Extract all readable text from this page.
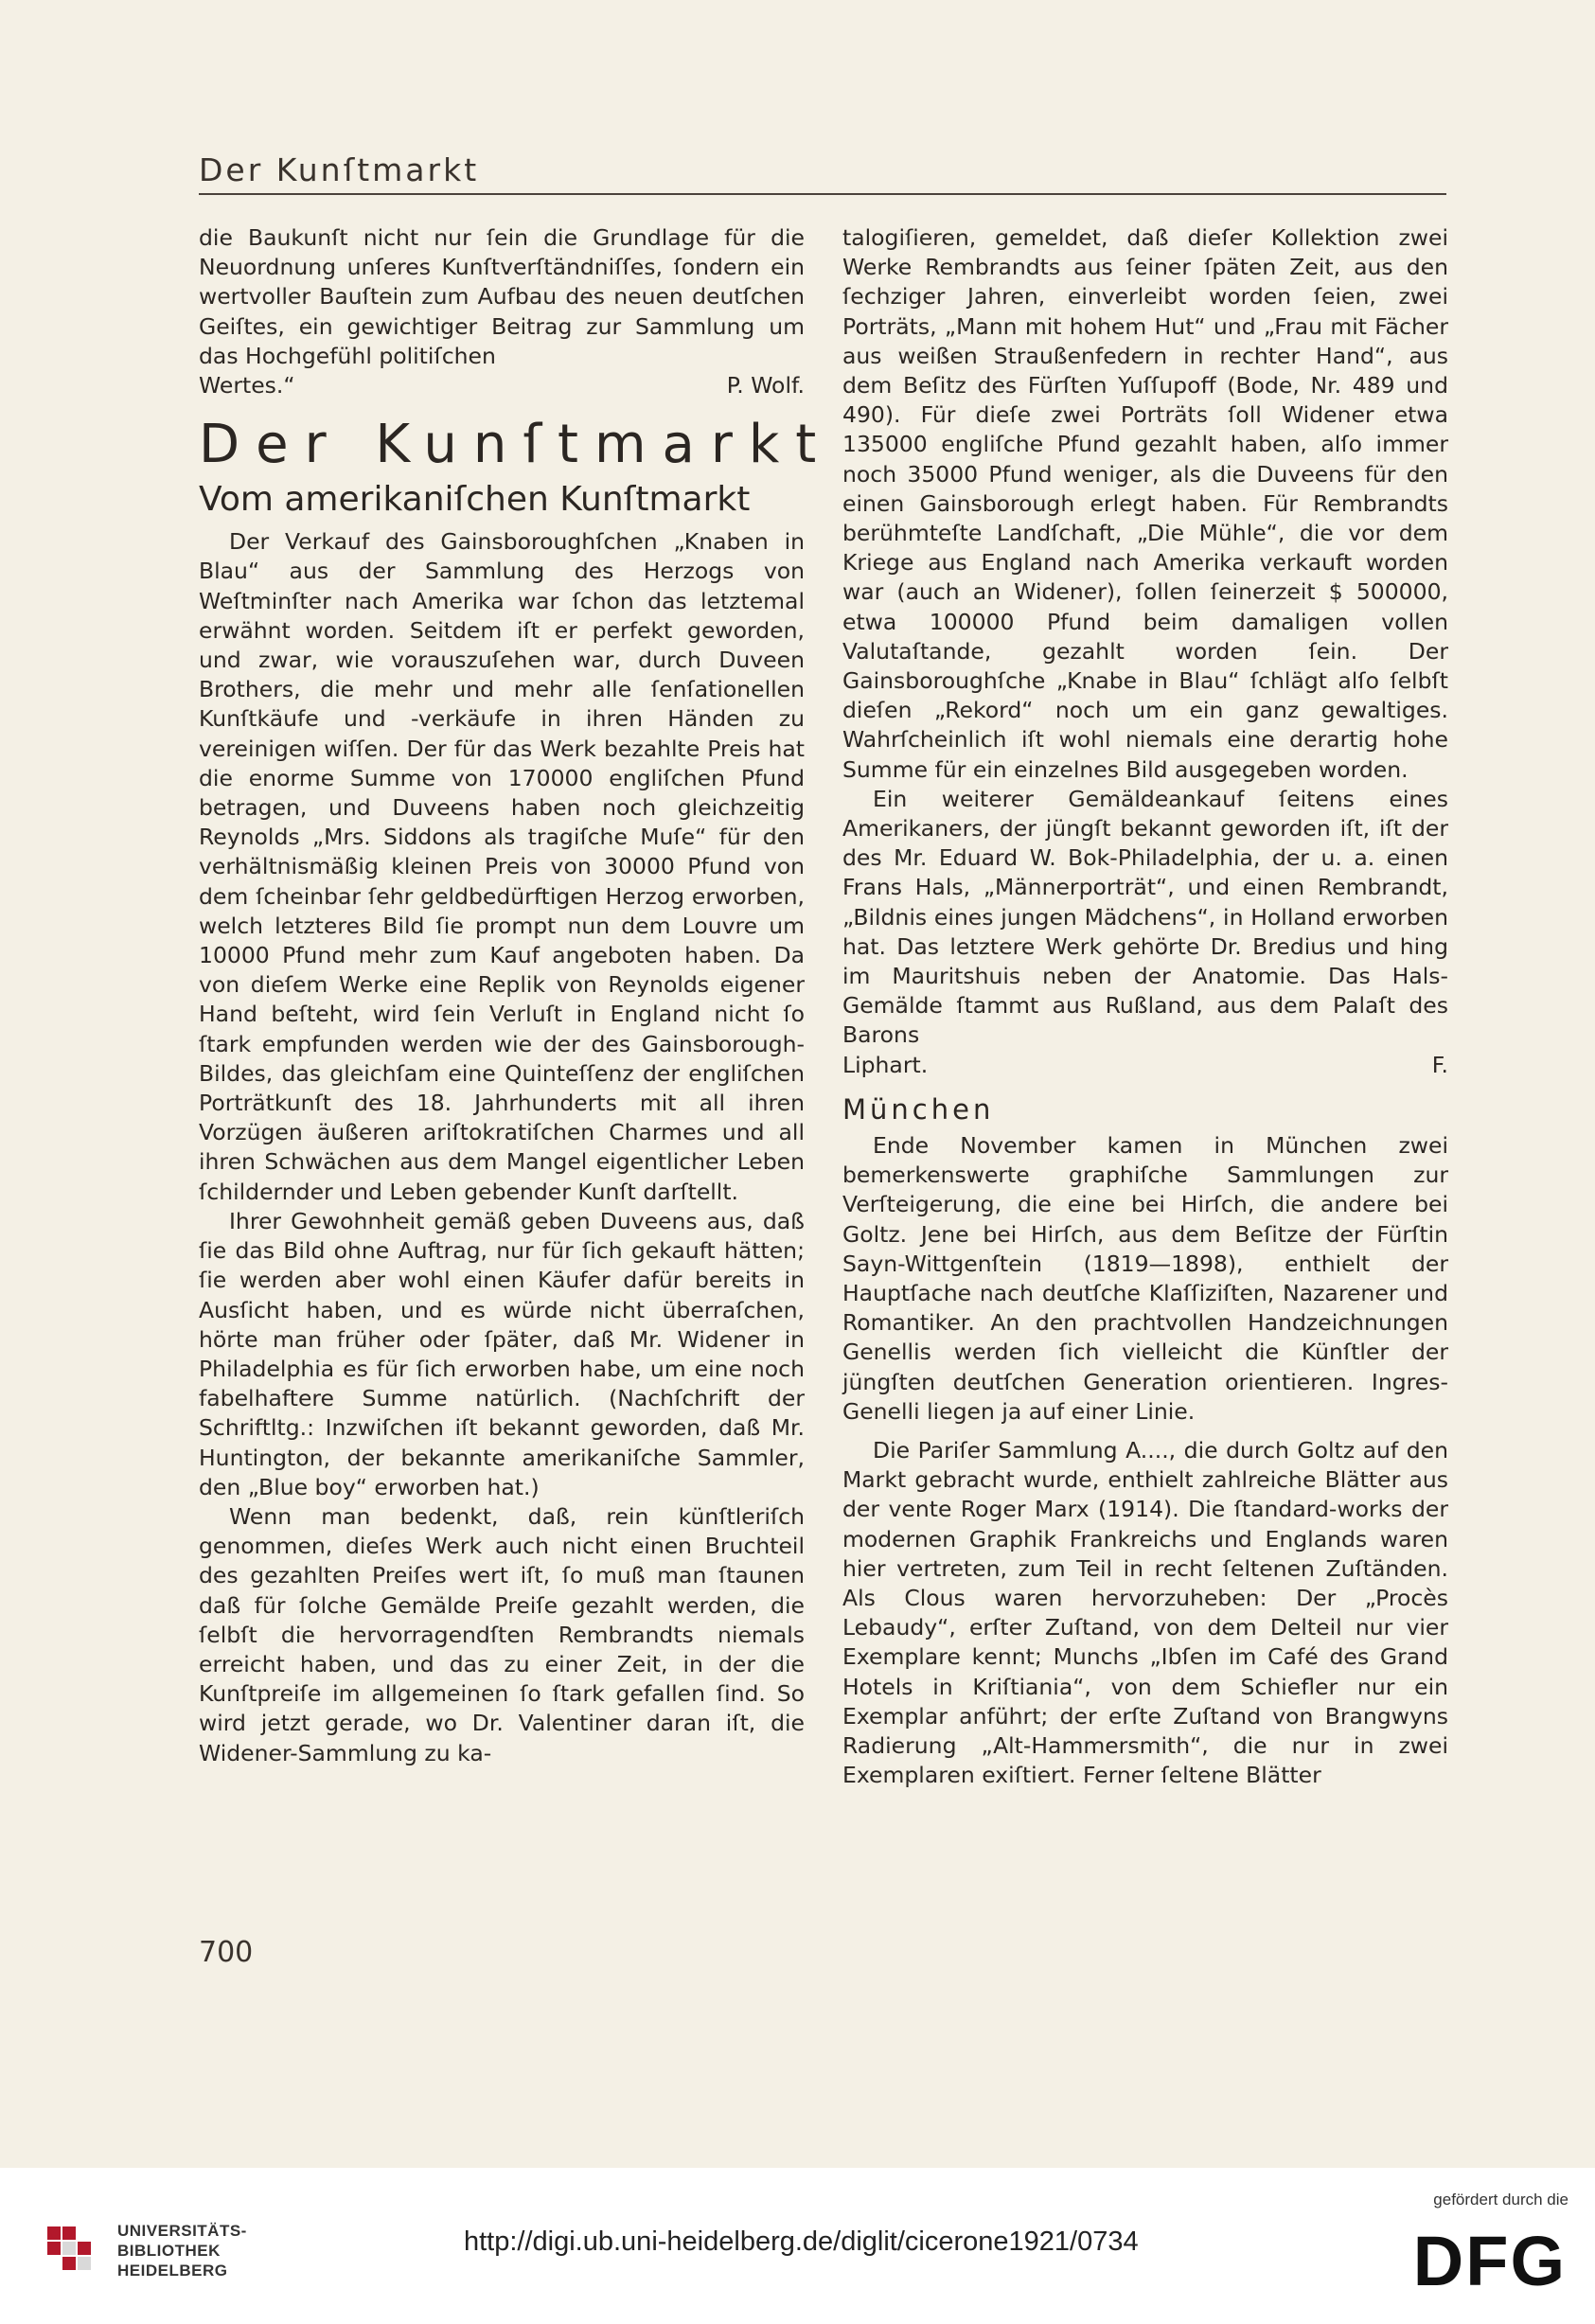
Der Kunſtmarkt

die Baukunſt nicht nur ſein die Grundlage für die Neuordnung unſeres Kunſtverſtändniſſes, ſondern ein wertvoller Bauſtein zum Aufbau des neuen deutſchen Geiſtes, ein gewichtiger Beitrag zur Sammlung um das Hochgefühl politiſchen

Wertes.“	P. Wolf.
Der Kunſtmarkt
Vom amerikaniſchen Kunſtmarkt

Der Verkauf des Gainsboroughſchen „Knaben in Blau“ aus der Sammlung des Herzogs von Weſtminſter nach Amerika war ſchon das letztemal erwähnt worden. Seitdem iſt er perfekt geworden, und zwar, wie vorauszuſehen war, durch Duveen Brothers, die mehr und mehr alle ſenſationellen Kunſtkäufe und -verkäufe in ihren Händen zu vereinigen wiſſen. Der für das Werk bezahlte Preis hat die enorme Summe von 170000 engliſchen Pfund betragen, und Duveens haben noch gleichzeitig Reynolds „Mrs. Siddons als tragiſche Muſe“ für den verhältnismäßig kleinen Preis von 30000 Pfund von dem ſcheinbar ſehr geldbedürftigen Herzog erworben, welch letzteres Bild ſie prompt nun dem Louvre um 10000 Pfund mehr zum Kauf angeboten haben. Da von dieſem Werke eine Replik von Reynolds eigener Hand beſteht, wird ſein Verluſt in England nicht ſo ſtark empfunden werden wie der des Gainsborough-Bildes, das gleichſam eine Quinteſſenz der engliſchen Porträtkunſt des 18. Jahrhunderts mit all ihren Vorzügen äußeren ariſtokratiſchen Charmes und all ihren Schwächen aus dem Mangel eigentlicher Leben ſchildernder und Leben gebender Kunſt darſtellt.

Ihrer Gewohnheit gemäß geben Duveens aus, daß ſie das Bild ohne Auftrag, nur für ſich gekauft hätten; ſie werden aber wohl einen Käufer dafür bereits in Ausſicht haben, und es würde nicht überraſchen, hörte man früher oder ſpäter, daß Mr. Widener in Philadelphia es für ſich erworben habe, um eine noch fabelhaftere Summe natürlich. (Nachſchrift der Schriftltg.: Inzwiſchen iſt bekannt geworden, daß Mr. Huntington, der bekannte amerikaniſche Sammler, den „Blue boy“ erworben hat.)

Wenn man bedenkt, daß, rein künſtleriſch genommen, dieſes Werk auch nicht einen Bruchteil des gezahlten Preiſes wert iſt, ſo muß man ſtaunen daß für ſolche Gemälde Preiſe gezahlt werden, die ſelbſt die hervorragendſten Rembrandts niemals erreicht haben, und das zu einer Zeit, in der die Kunſtpreiſe im allgemeinen ſo ſtark gefallen ſind. So wird jetzt gerade, wo Dr. Valentiner daran iſt, die Widener-Sammlung zu ka-

talogiſieren, gemeldet, daß dieſer Kollektion zwei Werke Rembrandts aus ſeiner ſpäten Zeit, aus den ſechziger Jahren, einverleibt worden ſeien, zwei Porträts, „Mann mit hohem Hut“ und „Frau mit Fächer aus weißen Straußenfedern in rechter Hand“, aus dem Beſitz des Fürſten Yuſſupoff (Bode, Nr. 489 und 490). Für dieſe zwei Porträts ſoll Widener etwa 135000 engliſche Pfund gezahlt haben, alſo immer noch 35000 Pfund weniger, als die Duveens für den einen Gainsborough erlegt haben. Für Rembrandts berühmteſte Landſchaft, „Die Mühle“, die vor dem Kriege aus England nach Amerika verkauft worden war (auch an Widener), ſollen ſeinerzeit $ 500000, etwa 100000 Pfund beim damaligen vollen Valutaſtande, gezahlt worden ſein. Der Gainsboroughſche „Knabe in Blau“ ſchlägt alſo ſelbſt dieſen „Rekord“ noch um ein ganz gewaltiges. Wahrſcheinlich iſt wohl niemals eine derartig hohe Summe für ein einzelnes Bild ausgegeben worden.

Ein weiterer Gemäldeankauf ſeitens eines Amerikaners, der jüngſt bekannt geworden iſt, iſt der des Mr. Eduard W. Bok-Philadelphia, der u. a. einen Frans Hals, „Männerporträt“, und einen Rembrandt, „Bildnis eines jungen Mädchens“, in Holland erworben hat. Das letztere Werk gehörte Dr. Bredius und hing im Mauritshuis neben der Anatomie. Das Hals-Gemälde ſtammt aus Rußland, aus dem Palaſt des Barons

Liphart.	F.
München

Ende November kamen in München zwei bemerkenswerte graphiſche Sammlungen zur Verſteigerung, die eine bei Hirſch, die andere bei Goltz. Jene bei Hirſch, aus dem Beſitze der Fürſtin Sayn-Wittgenſtein (1819—1898), enthielt der Hauptſache nach deutſche Klaſſiziſten, Nazarener und Romantiker. An den prachtvollen Handzeichnungen Genellis werden ſich vielleicht die Künſtler der jüngſten deutſchen Generation orientieren. Ingres-Genelli liegen ja auf einer Linie.

Die Pariſer Sammlung A...., die durch Goltz auf den Markt gebracht wurde, enthielt zahlreiche Blätter aus der vente Roger Marx (1914). Die ſtandard-works der modernen Graphik Frankreichs und Englands waren hier vertreten, zum Teil in recht ſeltenen Zuſtänden. Als Clous waren hervorzuheben: Der „Procès Lebaudy“, erſter Zuſtand, von dem Delteil nur vier Exemplare kennt; Munchs „Ibſen im Café des Grand Hotels in Kriſtiania“, von dem Schiefler nur ein Exemplar anführt; der erſte Zuſtand von Brangwyns Radierung „Alt-Hammersmith“, die nur in zwei Exemplaren exiſtiert. Ferner ſeltene Blätter

700
UNIVERSITÄTS-
BIBLIOTHEK
HEIDELBERG
http://digi.ub.uni-heidelberg.de/diglit/cicerone1921/0734
gefördert durch die
DFG
